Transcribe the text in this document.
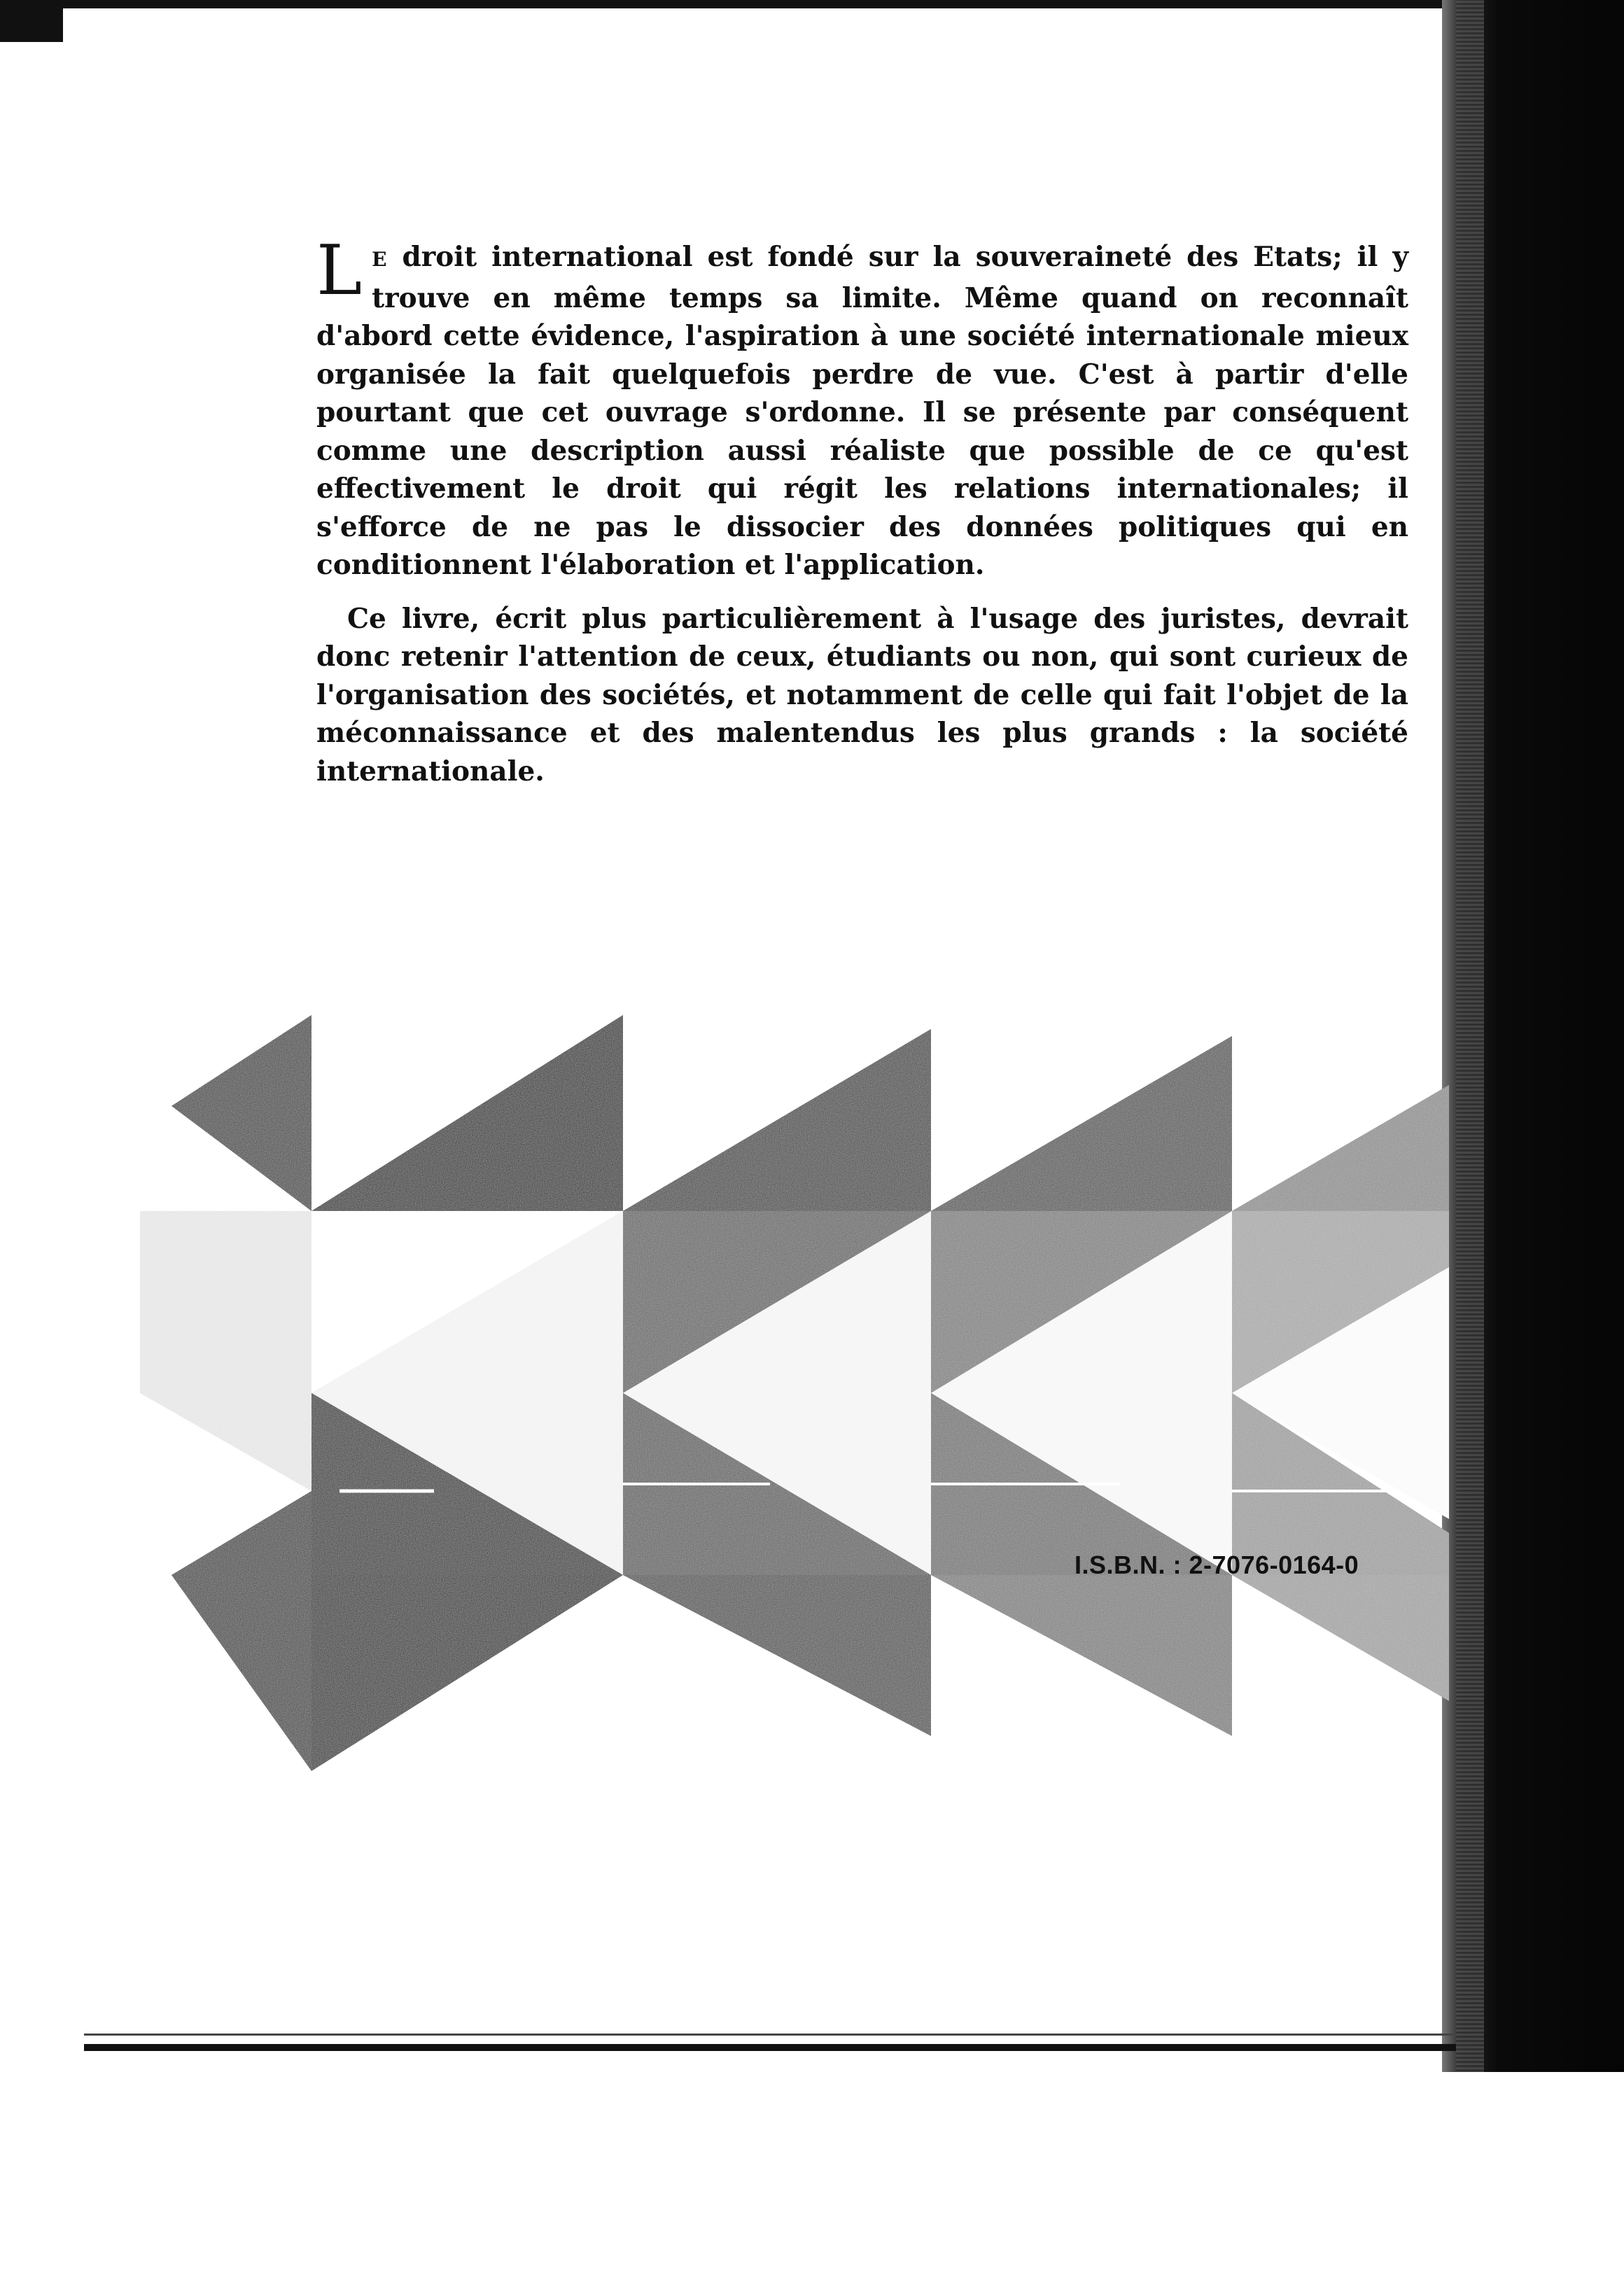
L E droit international est fondé sur la souveraineté des Etats; il y trouve en même temps sa limite. Même quand on reconnaît d'abord cette évidence, l'aspiration à une société internationale mieux organisée la fait quelquefois perdre de vue. C'est à partir d'elle pourtant que cet ouvrage s'ordonne. Il se présente par conséquent comme une description aussi réaliste que possible de ce qu'est effectivement le droit qui régit les relations internationales; il s'efforce de ne pas le dissocier des données politiques qui en conditionnent l'élaboration et l'application.

Ce livre, écrit plus particulièrement à l'usage des juristes, devrait donc retenir l'attention de ceux, étudiants ou non, qui sont curieux de l'organisation des sociétés, et notamment de celle qui fait l'objet de la méconnaissance et des malentendus les plus grands : la société internationale.

I.S.B.N. : 2-7076-0164-0
